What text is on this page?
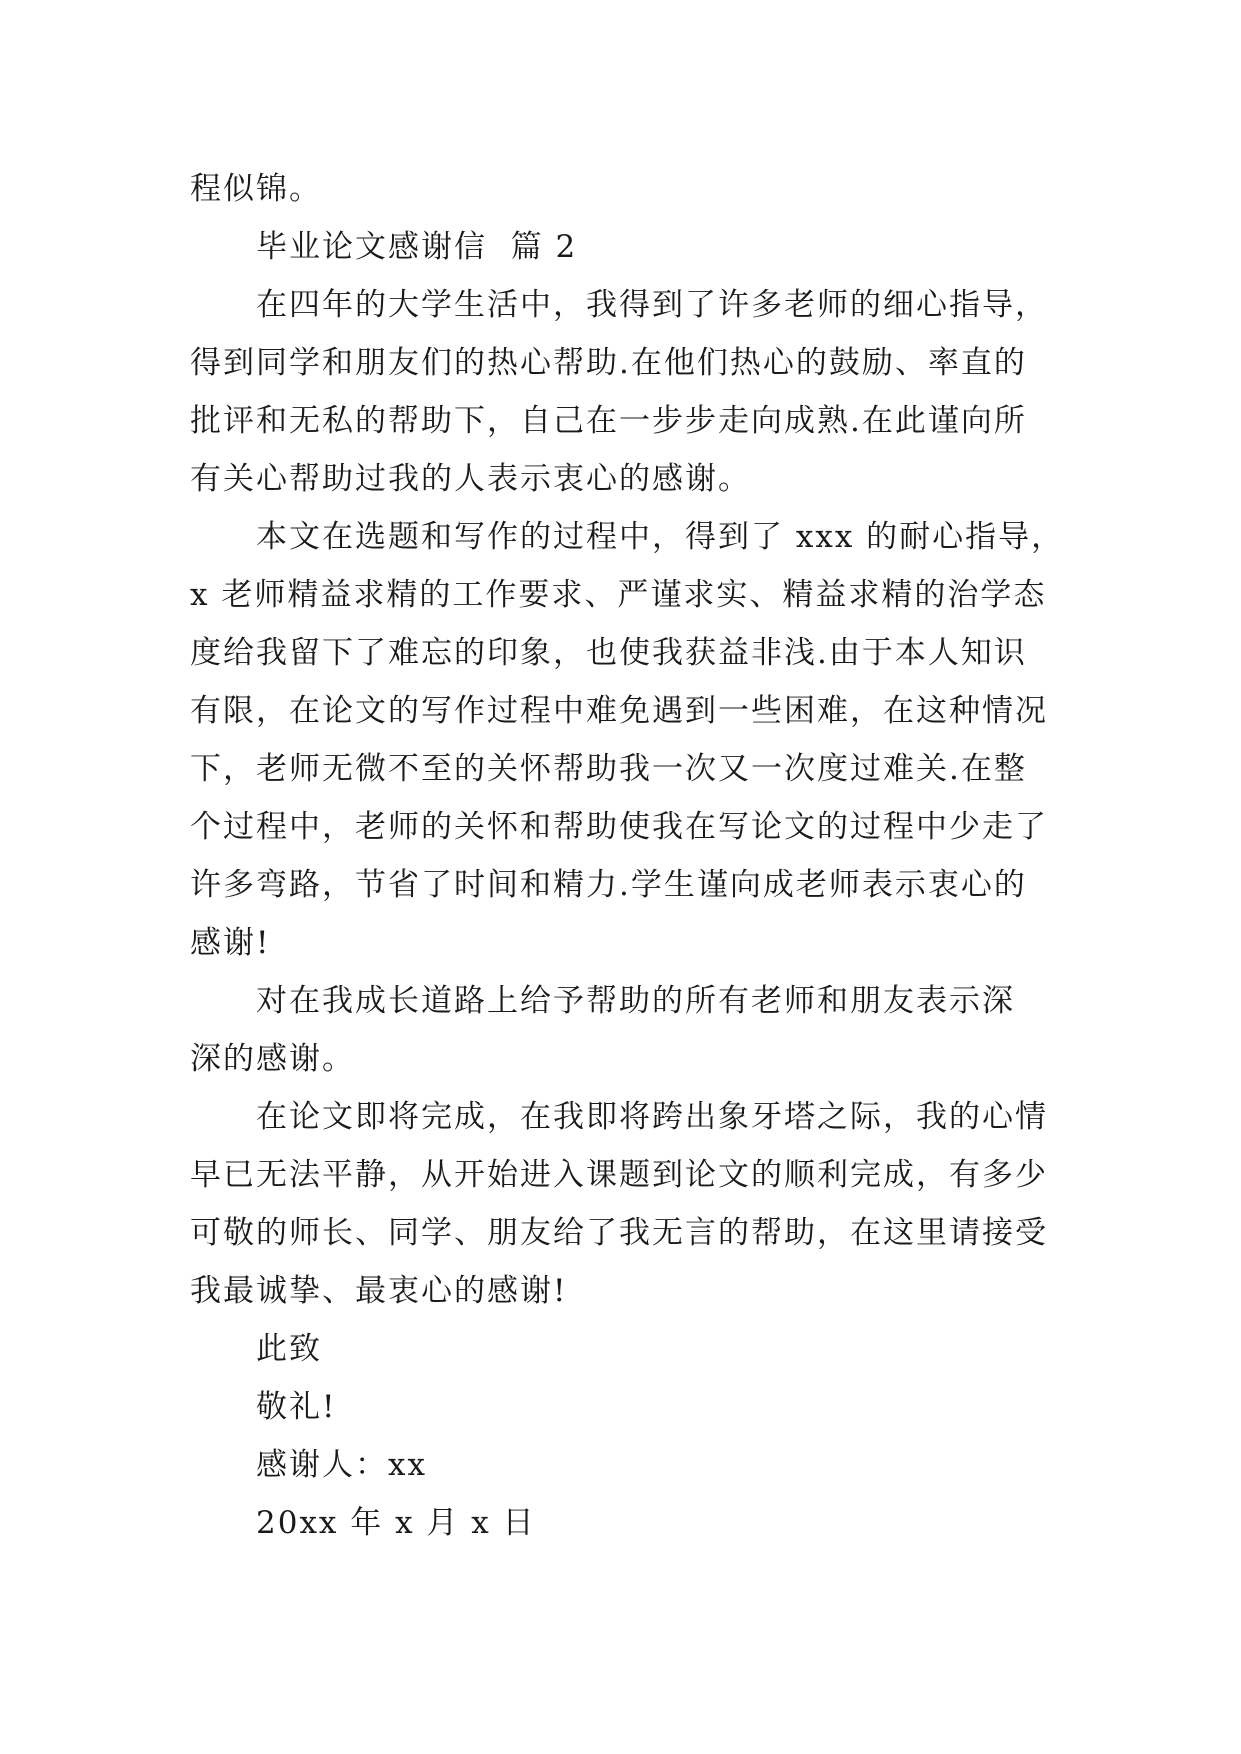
程似锦。
毕业论文感谢信  篇 2
在四年的大学生活中，我得到了许多老师的细心指导，
得到同学和朋友们的热心帮助.在他们热心的鼓励、率直的
批评和无私的帮助下，自己在一步步走向成熟.在此谨向所
有关心帮助过我的人表示衷心的感谢。
本文在选题和写作的过程中，得到了 xxx 的耐心指导，
x 老师精益求精的工作要求、严谨求实、精益求精的治学态
度给我留下了难忘的印象，也使我获益非浅.由于本人知识
有限，在论文的写作过程中难免遇到一些困难，在这种情况
下，老师无微不至的关怀帮助我一次又一次度过难关.在整
个过程中，老师的关怀和帮助使我在写论文的过程中少走了
许多弯路，节省了时间和精力.学生谨向成老师表示衷心的
感谢!
对在我成长道路上给予帮助的所有老师和朋友表示深
深的感谢。
在论文即将完成，在我即将跨出象牙塔之际，我的心情
早已无法平静，从开始进入课题到论文的顺利完成，有多少
可敬的师长、同学、朋友给了我无言的帮助，在这里请接受
我最诚挚、最衷心的感谢!
此致
敬礼!
感谢人：xx
20xx 年 x 月 x 日
